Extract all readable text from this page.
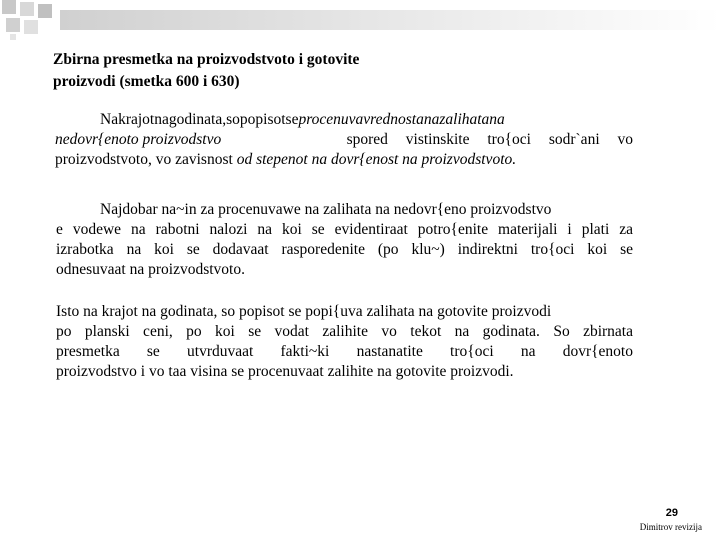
Zbirna presmetka na proizvodstvoto i gotovite
proizvodi (smetka 600 i 630)
Nakrajotnagodinata,sopopisotseprocenuvavrednostanazalihatana
nedovr{enoto proizvodstvo	spored vistinskite tro{oci sodr`ani vo
proizvodstvoto, vo zavisnost od stepenot na dovr{enost na proizvodstvoto.
Najdobar na~in za procenuvawe na zalihata na nedovr{eno proizvodstvo
e vodewe na rabotni nalozi na koi se evidentiraat potro{enite materijali i plati za
izrabotka na koi se dodavaat rasporedenite (po klu~) indirektni tro{oci koi se
odnesuvaat na proizvodstvoto.
Isto na krajot na godinata, so popisot se popi{uva zalihata na gotovite proizvodi
po planski ceni, po koi se vodat zalihite vo tekot na godinata. So zbirnata
presmetka se utvrduvaat fakti~ki nastanatite tro{oci na dovr{enoto
proizvodstvo i vo taa visina se procenuvaat zalihite na gotovite proizvodi.
29
Dimitrov revizija
